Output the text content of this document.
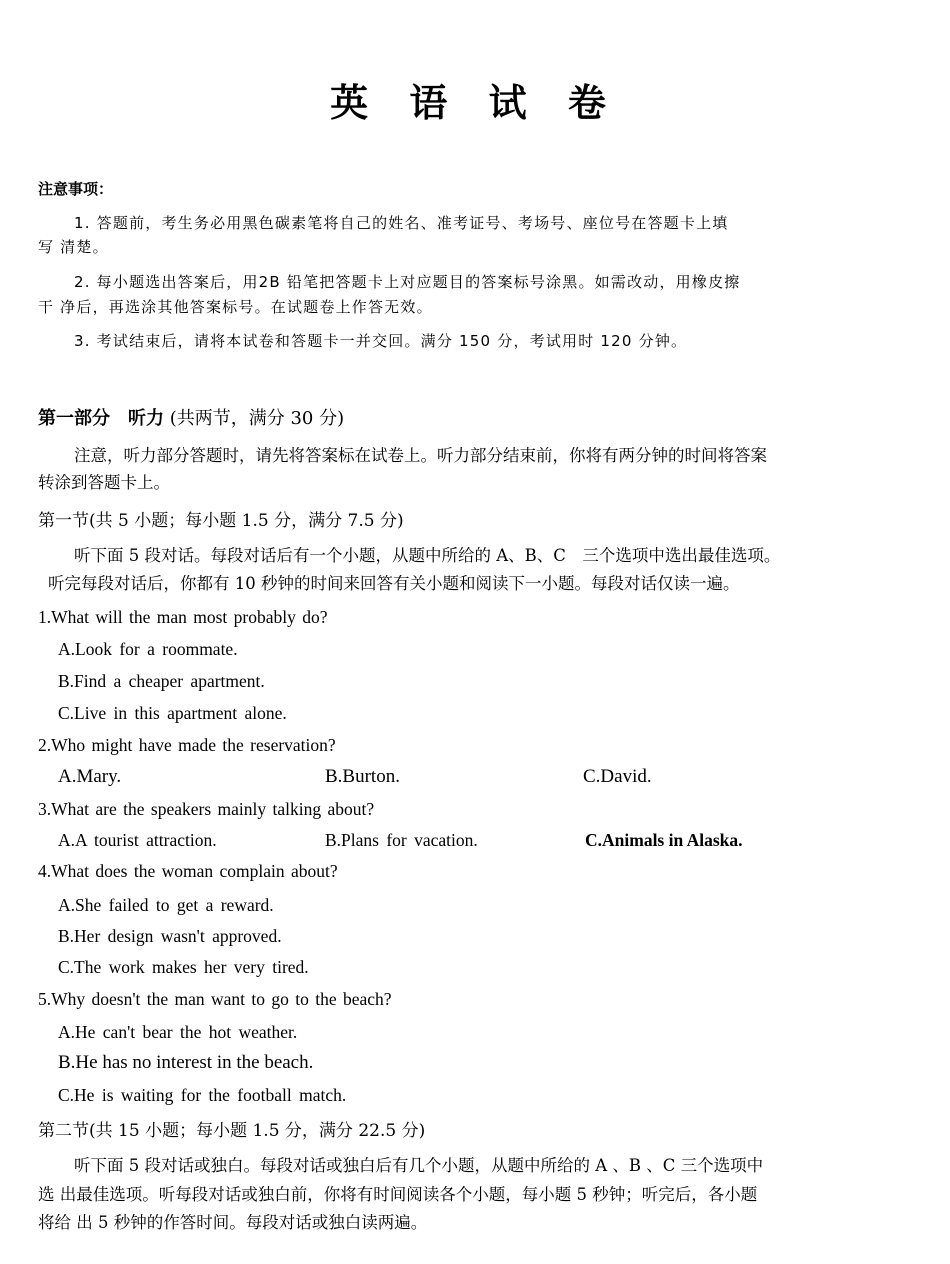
英 语 试 卷
注意事项：
1. 答题前，考生务必用黑色碳素笔将自己的姓名、准考证号、考场号、座位号在答题卡上填
写 清楚。
2. 每小题选出答案后，用2B 铅笔把答题卡上对应题目的答案标号涂黑。如需改动，用橡皮擦
干 净后，再选涂其他答案标号。在试题卷上作答无效。
3. 考试结束后，请将本试卷和答题卡一并交回。满分 150 分，考试用时 120 分钟。
第一部分　听力 (共两节，满分 30 分)
注意，听力部分答题时，请先将答案标在试卷上。听力部分结束前，你将有两分钟的时间将答案
转涂到答题卡上。
第一节(共 5 小题；每小题 1.5 分，满分 7.5 分)
听下面 5 段对话。每段对话后有一个小题，从题中所给的 A、B、C　三个选项中选出最佳选项。
听完每段对话后，你都有 10 秒钟的时间来回答有关小题和阅读下一小题。每段对话仅读一遍。
1.What will the man most probably do?
A.Look for a roommate.
B.Find a cheaper apartment.
C.Live in this apartment alone.
2.Who might have made the reservation?
A.Mary.	B.Burton.	C.David.
3.What are the speakers mainly talking about?
A.A tourist attraction.	B.Plans for vacation.	C.Animals in Alaska.
4.What does the woman complain about?
A.She failed to get a reward.
B.Her design wasn't approved.
C.The work makes her very tired.
5.Why doesn't the man want to go to the beach?
A.He can't bear the hot weather.
B.He has no interest in the beach.
C.He is waiting for the football match.
第二节(共 15 小题；每小题 1.5 分，满分 22.5 分)
听下面 5 段对话或独白。每段对话或独白后有几个小题，从题中所给的 A 、B 、C 三个选项中
选 出最佳选项。听每段对话或独白前，你将有时间阅读各个小题，每小题 5 秒钟；听完后，各小题
将给 出 5 秒钟的作答时间。每段对话或独白读两遍。
